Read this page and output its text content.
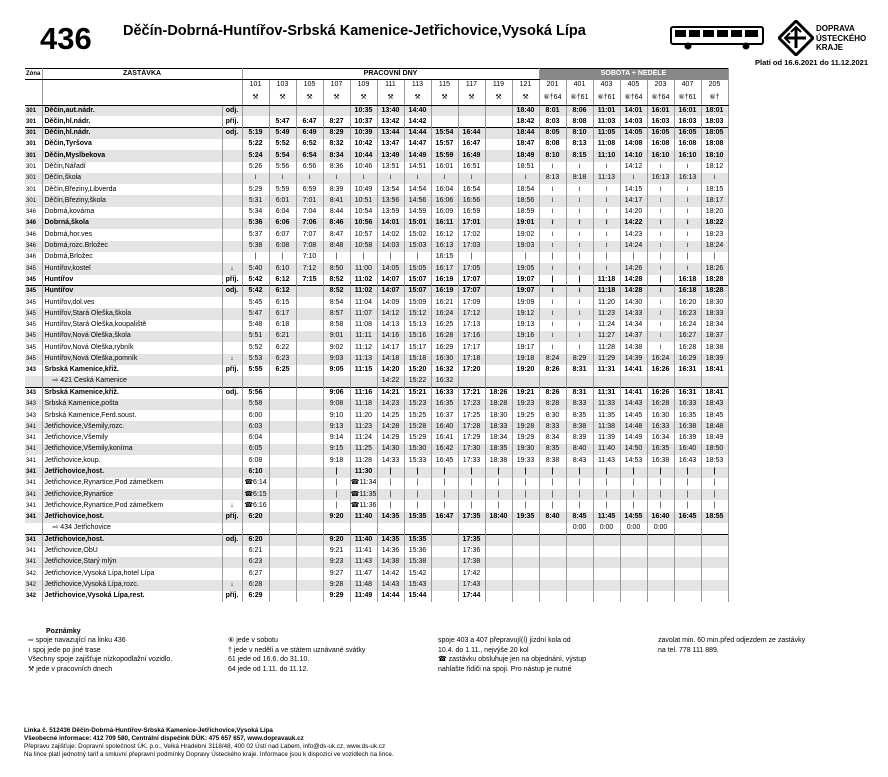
436 Děčín-Dobrná-Huntířov-Srbská Kamenice-Jetřichovice,Vysoká Lípa	DOPRAVA
ÚSTECKÉHO
KRAJE
Platí od 16.6.2021 do 11.12.2021
Zóna	ZASTÁVKA		PRACOVNÍ DNY											SOBOTA + NEDĚLE						
			101	103	105	107	109	111	113	115	117	119	121	201	401	403	405	203	407	205
			⚒	⚒	⚒	⚒	⚒	⚒	⚒	⚒	⚒	⚒	⚒	⑥†64	⑥†61	⑥†61	⑥†64	⑥†64	⑥†61	⑥†
301	Děčín,aut.nádr.	odj.					10:35	13:40	14:40				18:40	8:01	8:06	11:01	14:01	16:01	16:01	18:01
301	Děčín,hl.nádr.	příj.		5:47	6:47	8:27	10:37	13:42	14:42				18:42	8:03	8:08	11:03	14:03	16:03	16:03	18:03
301	Děčín,hl.nádr.	odj.	5:19	5:49	6:49	8:29	10:39	13:44	14:44	15:54	16:44		18:44	8:05	8:10	11:05	14:05	16:05	16:05	18:05
301	Děčín,Tyršova		5:22	5:52	6:52	8:32	10:42	13:47	14:47	15:57	16:47		18:47	8:08	8:13	11:08	14:08	16:08	16:08	18:08
301	Děčín,Myslbekova		5:24	5:54	6:54	8:34	10:44	13:49	14:49	15:59	16:49		18:49	8:10	8:15	11:10	14:10	16:10	16:10	18:10
301	Děčín,Nářadí		5:26	5:56	6:56	8:36	10:46	13:51	14:51	16:01	16:51		18:51	≀	≀	≀	14:12	≀	≀	18:12
301	Děčín,škola		≀	≀	≀	≀	≀	≀	≀	≀	≀		≀	8:13	8:18	11:13	≀	16:13	16:13	≀
301	Děčín,Březiny,Libverda		5:29	5:59	6:59	8:39	10:49	13:54	14:54	16:04	16:54		18:54	≀	≀	≀	14:15	≀	≀	18:15
301	Děčín,Březiny,škola		5:31	6:01	7:01	8:41	10:51	13:56	14:56	16:06	16:56		18:56	≀	≀	≀	14:17	≀	≀	18:17
346	Dobrná,kovárna		5:34	6:04	7:04	8:44	10:54	13:59	14:59	16:09	16:59		18:59	≀	≀	≀	14:20	≀	≀	18:20
346	Dobrná,škola		5:36	6:06	7:06	8:46	10:56	14:01	15:01	16:11	17:01		19:01	≀	≀	≀	14:22	≀	≀	18:22
346	Dobrná,hor.ves		5:37	6:07	7:07	8:47	10:57	14:02	15:02	16:12	17:02		19:02	≀	≀	≀	14:23	≀	≀	18:23
346	Dobrná,rozc.Brložec		5:38	6:08	7:08	8:48	10:58	14:03	15:03	16:13	17:03		19:03	≀	≀	≀	14:24	≀	≀	18:24
346	Dobrná,Brložec		|	|	7:10	|	|	|	|	16:15	|		|	|	|	|	|	|	|	|
345	Huntířov,kostel	↓	5:40	6:10	7:12	8:50	11:00	14:05	15:05	16:17	17:05		19:05	≀	≀	≀	14:26	≀	≀	18:26
345	Huntířov	příj.	5:42	6:12	7:15	8:52	11:02	14:07	15:07	16:19	17:07		19:07	|	|	11:18	14:28	|	16:18	18:28
345	Huntířov	odj.	5:42	6:12		8:52	11:02	14:07	15:07	16:19	17:07		19:07	≀	≀	11:18	14:28	≀	16:18	18:28
345	Huntířov,dol.ves		5:45	6:15		8:54	11:04	14:09	15:09	16:21	17:09		19:09	≀	≀	11:20	14:30	≀	16:20	18:30
345	Huntířov,Stará Oleška,škola		5:47	6:17		8:57	11:07	14:12	15:12	16:24	17:12		19:12	≀	≀	11:23	14:33	≀	16:23	18:33
345	Huntířov,Stará Oleška,koupaliště		5:48	6:18		8:58	11:08	14:13	15:13	16:25	17:13		19:13	≀	≀	11:24	14:34	≀	16:24	18:34
345	Huntířov,Nová Oleška,škola		5:51	6:21		9:01	11:11	14:16	15:16	16:28	17:16		19:16	≀	≀	11:27	14:37	≀	16:27	18:37
345	Huntířov,Nová Oleška,rybník		5:52	6:22		9:02	11:12	14:17	15:17	16:29	17:17		19:17	≀	≀	11:28	14:38	≀	16:28	18:38
345	Huntířov,Nová Oleška,pomník	↓	5:53	6:23		9:03	11:13	14:18	15:18	16:30	17:18		19:18	8:24	8:29	11:29	14:39	16:24	16:29	18:39
343	Srbská Kamenice,křiž.	příj.	5:55	6:25		9:05	11:15	14:20	15:20	16:32	17:20		19:20	8:26	8:31	11:31	14:41	16:26	16:31	18:41
	⇨ 421 Česká Kamenice							14:22	15:22	16:32										
343	Srbská Kamenice,křiž.	odj.	5:56			9:06	11:16	14:21	15:21	16:33	17:21	18:26	19:21	8:26	8:31	11:31	14:41	16:26	16:31	18:41
343	Srbská Kamenice,pošta		5:58			9:08	11:18	14:23	15:23	16:35	17:23	18:28	19:23	8:28	8:33	11:33	14:43	16:28	16:33	18:43
343	Srbská Kamenice,Ferd.soust.		6:00			9:10	11:20	14:25	15:25	16:37	17:25	18:30	19:25	8:30	8:35	11:35	14:45	16:30	16:35	18:45
341	Jetřichovice,Všemily,rozc.		6:03			9:13	11:23	14:28	15:28	16:40	17:28	18:33	19:28	8:33	8:38	11:38	14:48	16:33	16:38	18:48
341	Jetřichovice,Všemily		6:04			9:14	11:24	14:29	15:29	16:41	17:29	18:34	19:29	8:34	8:39	11:39	14:49	16:34	16:39	18:49
341	Jetřichovice,Všemily,konírna		6:05			9:15	11:25	14:30	15:30	16:42	17:30	18:35	19:30	8:35	8:40	11:40	14:50	16:35	16:40	18:50
341	Jetřichovice,koup.		6:08			9:18	11:28	14:33	15:33	16:45	17:33	18:38	19:33	8:38	8:43	11:43	14:53	16:38	16:43	18:53
341	Jetřichovice,host.		6:10			|	11:30	|	|	|	|	|	|	|	|	|	|	|	|	|
341	Jetřichovice,Rynartice,Pod zámečkem		☎6:14			|	☎11:34	|	|	|	|	|	|	|	|	|	|	|	|	|
341	Jetřichovice,Rynartice		☎6:15			|	☎11:35	|	|	|	|	|	|	|	|	|	|	|	|	|
341	Jetřichovice,Rynartice,Pod zámečkem	↓	☎6:16			|	☎11:36	|	|	|	|	|	|	|	|	|	|	|	|	|
341	Jetřichovice,host.	příj.	6:20			9:20	11:40	14:35	15:35	16:47	17:35	18:40	19:35	8:40	8:45	11:45	14:55	16:40	16:45	18:55
	⇨ 434 Jetřichovice														0:00	0:00	0:00	0:00		
341	Jetřichovice,host.	odj.	6:20			9:20	11:40	14:35	15:35		17:35									
341	Jetřichovice,ObÚ		6:21			9:21	11:41	14:36	15:36		17:36									
341	Jetřichovice,Starý mlýn		6:23			9:23	11:43	14:38	15:38		17:38									
342	Jetřichovice,Vysoká Lípa,hotel Lípa		6:27			9:27	11:47	14:42	15:42		17:42									
342	Jetřichovice,Vysoká Lípa,rozc.	↓	6:28			9:28	11:48	14:43	15:43		17:43									
342	Jetřichovice,Vysoká Lípa,rest.	příj.	6:29			9:29	11:49	14:44	15:44		17:44									
Poznámky
⇨ spoje navazující na linku 436
≀ spoj jede po jiné trase
Všechny spoje zajišťuje nízkopodlažní vozidlo.
⚒ jede v pracovních dnech
⑥ jede v sobotu
† jede v neděli a ve státem uznávané svátky
61 jede od 16.6. do 31.10.
64 jede od 1.11. do 11.12.
spoje 403 a 407 přepravují(í) jízdní kola od
10.4. do 1.11., nejvýše 20 kol
☎ zastávku obsluhuje jen na objednání, výstup
nahlašte řidiči na spoji. Pro nástup je nutné
zavolat min. 60 min.před odjezdem ze zastávky
na tel. 778 111 889.
Linka č. 512436 Děčín-Dobrná-Huntířov-Srbská Kamenice-Jetřichovice,Vysoká Lípa
Všeobecné informace: 412 709 580, Centrální dispečink DÚK: 475 657 657, www.dopravauk.cz
Přepravu zajišťuje: Dopravní společnost ÚK, p.o., Velká Hradební 3118/48, 400 02 Ústí nad Labem, info@ds-uk.cz, www.ds-uk.cz
Na lince platí jednotný tarif a smluvní přepravní podmínky Dopravy Ústeckého kraje. Informace jsou k dispozici ve vozidlech na lince.
